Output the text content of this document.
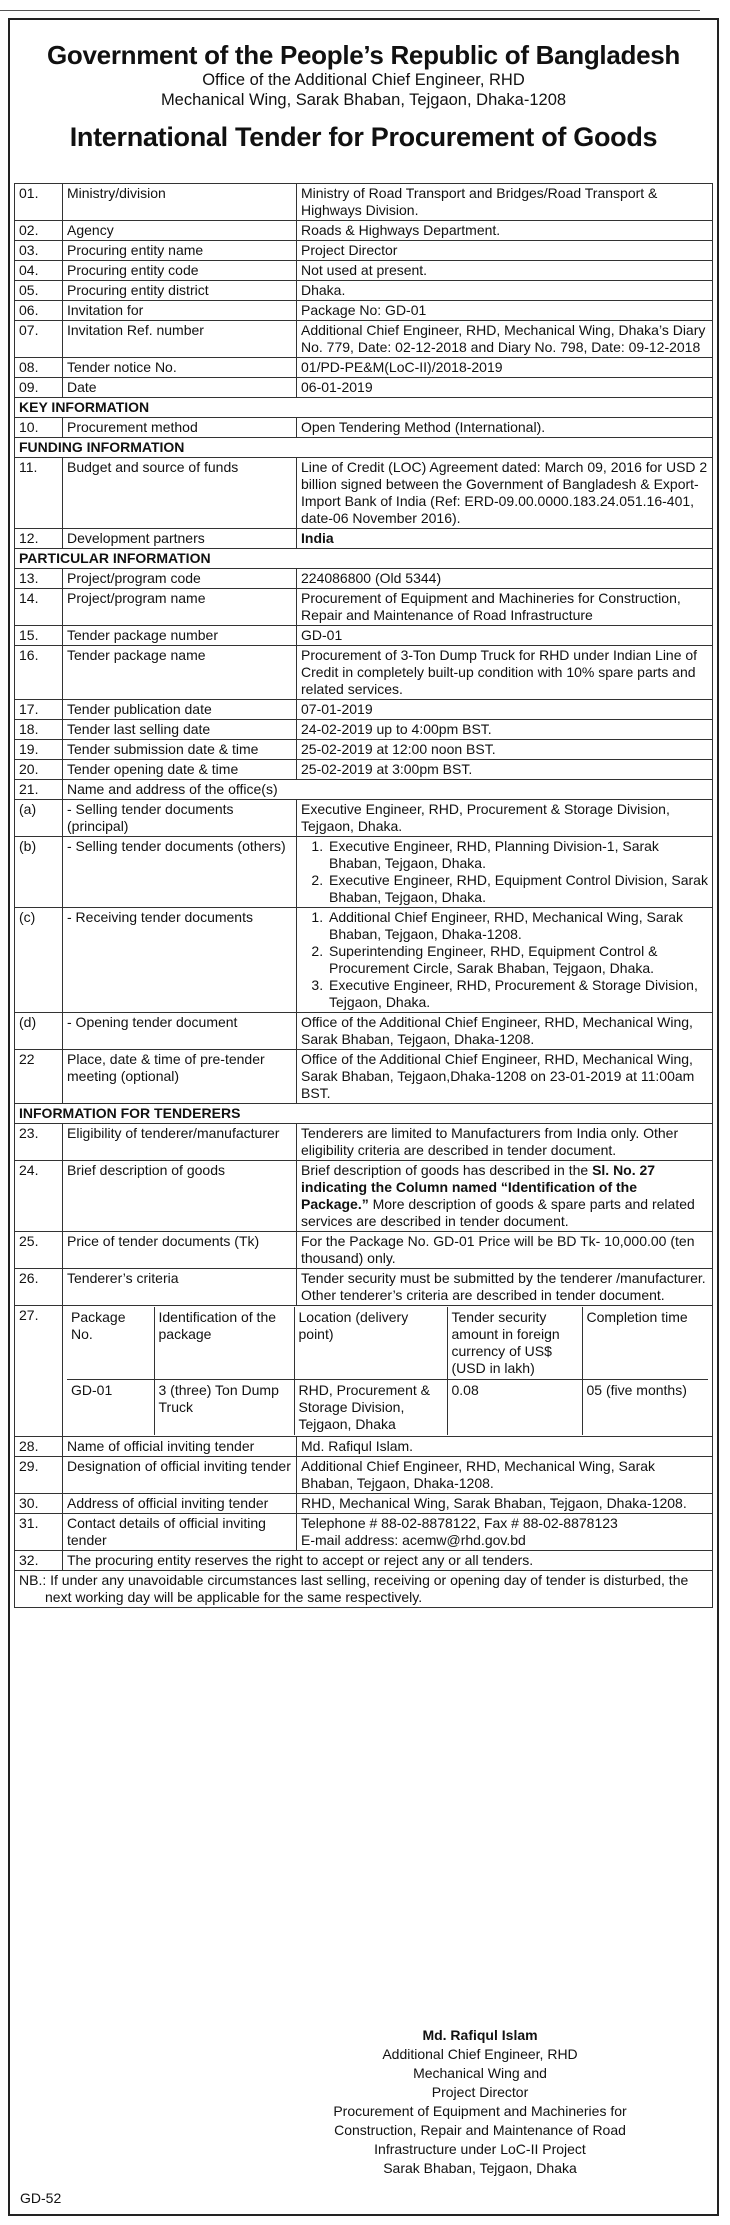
Government of the People’s Republic of Bangladesh
Office of the Additional Chief Engineer, RHD
Mechanical Wing, Sarak Bhaban, Tejgaon, Dhaka-1208
International Tender for Procurement of Goods
01.	Ministry/division	Ministry of Road Transport and Bridges/Road Transport & Highways Division.
02.	Agency	Roads & Highways Department.
03.	Procuring entity name	Project Director
04.	Procuring entity code	Not used at present.
05.	Procuring entity district	Dhaka.
06.	Invitation for	Package No: GD-01
07.	Invitation Ref. number	Additional Chief Engineer, RHD, Mechanical Wing, Dhaka’s Diary No. 779, Date: 02-12-2018 and Diary No. 798, Date: 09-12-2018
08.	Tender notice No.	01/PD-PE&M(LoC-II)/2018-2019
09.	Date	06-01-2019
KEY INFORMATION
10.	Procurement method	Open Tendering Method (International).
FUNDING INFORMATION
11.	Budget and source of funds	Line of Credit (LOC) Agreement dated: March 09, 2016 for USD 2 billion signed between the Government of Bangladesh & Export-Import Bank of India (Ref: ERD-09.00.0000.183.24.051.16-401, date-06 November 2016).
12.	Development partners	India
PARTICULAR INFORMATION
13.	Project/program code	224086800 (Old 5344)
14.	Project/program name	Procurement of Equipment and Machineries for Construction, Repair and Maintenance of Road Infrastructure
15.	Tender package number	GD-01
16.	Tender package name	Procurement of 3-Ton Dump Truck for RHD under Indian Line of Credit in completely built-up condition with 10% spare parts and related services.
17.	Tender publication date	07-01-2019
18.	Tender last selling date	24-02-2019 up to 4:00pm BST.
19.	Tender submission date & time	25-02-2019 at 12:00 noon BST.
20.	Tender opening date & time	25-02-2019 at 3:00pm BST.
21.	Name and address of the office(s)
(a)	- Selling tender documents (principal)	Executive Engineer, RHD, Procurement & Storage Division, Tejgaon, Dhaka.
(b)	- Selling tender documents (others)	
1.Executive Engineer, RHD, Planning Division-1, Sarak Bhaban, Tejgaon, Dhaka.
2. Executive Engineer, RHD, Equipment Control Division, Sarak Bhaban, Tejgaon, Dhaka.

(c)	- Receiving tender documents	
1.Additional Chief Engineer, RHD, Mechanical Wing, Sarak Bhaban, Tejgaon, Dhaka-1208.
2. Superintending Engineer, RHD, Equipment Control & Procurement Circle, Sarak Bhaban, Tejgaon, Dhaka.
3. Executive Engineer, RHD, Procurement & Storage Division, Tejgaon, Dhaka.

(d)	- Opening tender document	Office of the Additional Chief Engineer, RHD, Mechanical Wing, Sarak Bhaban, Tejgaon, Dhaka-1208.
22	Place, date & time of pre-tender meeting (optional)	Office of the Additional Chief Engineer, RHD, Mechanical Wing, Sarak Bhaban, Tejgaon,Dhaka-1208 on 23-01-2019 at 11:00am BST.
INFORMATION FOR TENDERERS
23.	Eligibility of tenderer/manufacturer	Tenderers are limited to Manufacturers from India only. Other eligibility criteria are described in tender document.
24.	Brief description of goods	Brief description of goods has described in the Sl. No. 27 indicating the Column named “Identification of the Package.” More description of goods & spare parts and related services are described in tender document.
25.	Price of tender documents (Tk)	For the Package No. GD-01 Price will be BD Tk- 10,000.00 (ten thousand) only.
26.	Tenderer’s criteria	Tender security must be submitted by the tenderer /manufacturer. Other tenderer’s criteria are described in tender document.
27.	Package No.	Identification of the package	Location (delivery point)	Tender security amount in foreign currency of US$ (USD in lakh)	Completion time
GD-01	3 (three) Ton Dump Truck	RHD, Procurement & Storage Division, Tejgaon, Dhaka	0.08	05 (five months)

28.	Name of official inviting tender	Md. Rafiqul Islam.
29.	Designation of official inviting tender	Additional Chief Engineer, RHD, Mechanical Wing, Sarak Bhaban, Tejgaon, Dhaka-1208.
30.	Address of official inviting tender	RHD, Mechanical Wing, Sarak Bhaban, Tejgaon, Dhaka-1208.
31.	Contact details of official inviting tender	
Telephone # 88-02-8878122, Fax # 88-02-8878123
E-mail address: acemw@rhd.gov.bd

32.	The procuring entity reserves the right to accept or reject any or all tenders.
NB.: If under any unavoidable circumstances last selling, receiving or opening day of tender is disturbed, the next working day will be applicable for the same respectively.
Md. Rafiqul Islam
Additional Chief Engineer, RHD
Mechanical Wing and
Project Director
Procurement of Equipment and Machineries for
Construction, Repair and Maintenance of Road
Infrastructure under LoC-II Project
Sarak Bhaban, Tejgaon, Dhaka
GD-52
